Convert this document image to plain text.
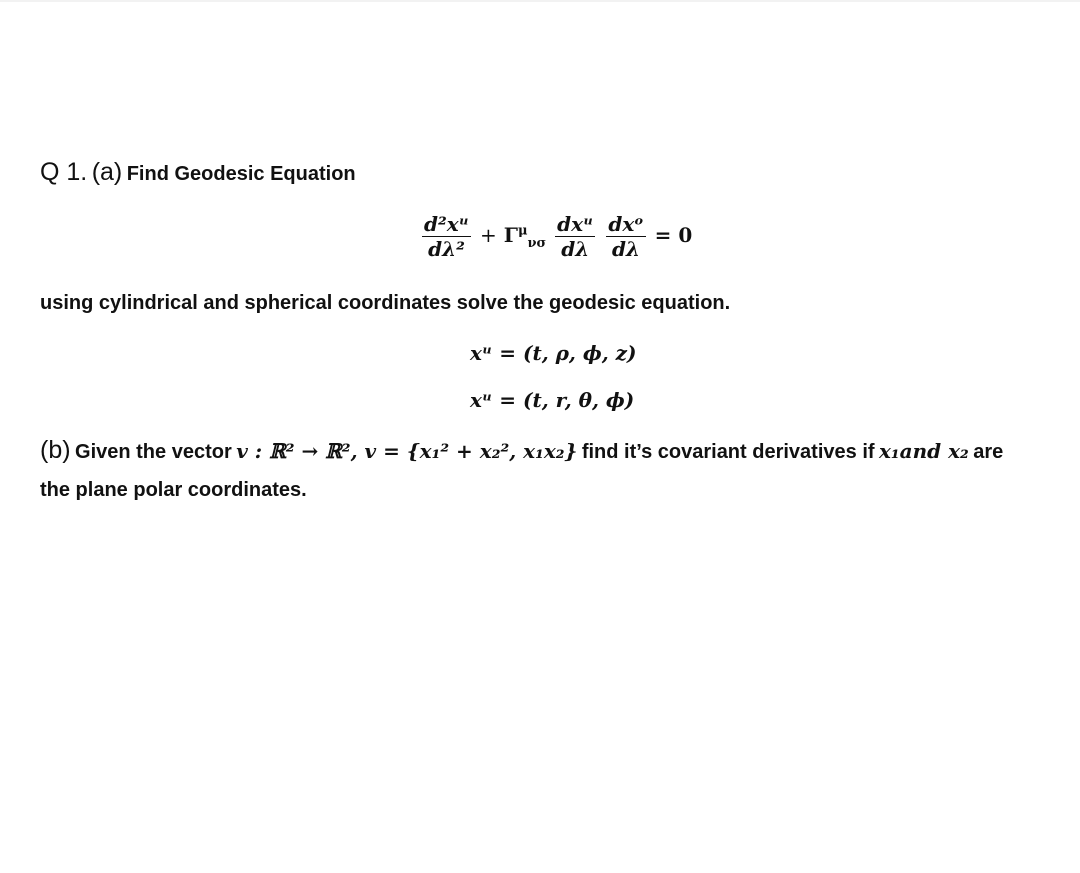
Q 1. (a) Find Geodesic Equation
$\frac{\text{d²xᵘ}}{\text{dλ²}} + \Gamma^\mu_{\nu\sigma} \frac{\text{dxᵘ}}{d\lambda}$
$\frac{\text{dxᵒ}}{d\lambda} = 0$
using cylindrical and spherical coordinates solve the geodesic equation.
xᵘ = (t, ρ, ϕ, z)
xᵘ = (t, r, θ, ϕ)
(b) Given the vector v : ℝ² → ℝ², v = {x₁² + x₂², x₁x₂} find it’s covariant derivatives if x₁and x₂ are
the plane polar coordinates.
